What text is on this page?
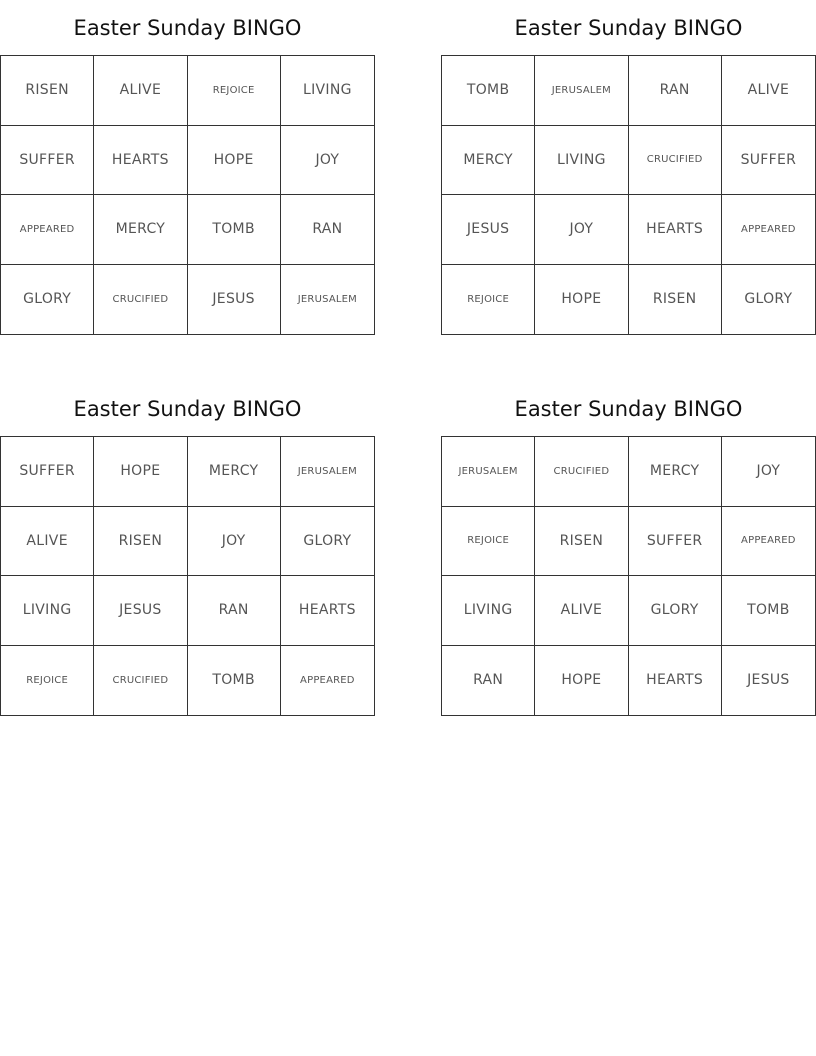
Easter Sunday BINGO
RISEN	ALIVE	REJOICE	LIVING
SUFFER	HEARTS	HOPE	JOY
APPEARED	MERCY	TOMB	RAN
GLORY	CRUCIFIED	JESUS	JERUSALEM
Easter Sunday BINGO
TOMB	JERUSALEM	RAN	ALIVE
MERCY	LIVING	CRUCIFIED	SUFFER
JESUS	JOY	HEARTS	APPEARED
REJOICE	HOPE	RISEN	GLORY
Easter Sunday BINGO
SUFFER	HOPE	MERCY	JERUSALEM
ALIVE	RISEN	JOY	GLORY
LIVING	JESUS	RAN	HEARTS
REJOICE	CRUCIFIED	TOMB	APPEARED
Easter Sunday BINGO
JERUSALEM	CRUCIFIED	MERCY	JOY
REJOICE	RISEN	SUFFER	APPEARED
LIVING	ALIVE	GLORY	TOMB
RAN	HOPE	HEARTS	JESUS
